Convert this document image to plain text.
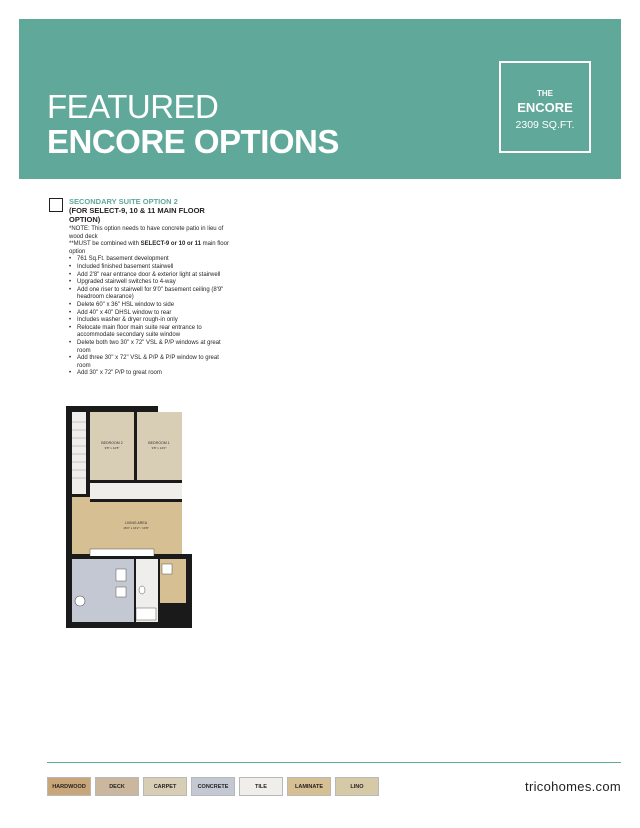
FEATURED
ENCORE OPTIONS
THE
ENCORE
2309 SQ.FT.
SECONDARY SUITE OPTION 2
(FOR SELECT-9, 10 & 11 MAIN FLOOR OPTION)

*NOTE: This option needs to have concrete patio in lieu of wood deck

**MUST be combined with SELECT-9 or 10 or 11 main floor option

• 761 Sq.Ft. basement development
• Included finished basement stairwell
• Add 2'8" rear entrance door & exterior light at stairwell
• Upgraded stairwell switches to 4-way
• Add one riser to stairwell for 9'0" basement ceiling (8'9" headroom clearance)
• Delete 60" x 36" HSL window to side
• Add 40" x 40" DHSL window to rear
• Includes washer & dryer rough-in only
• Relocate main floor main suite rear entrance to accommodate secondary suite window
• Delete both two 30" x 72" VSL & P/P windows at great room
• Add three 30" x 72" VSL & P/P & P/P window to great room
• Add 30" x 72" P/P to great room
BEDROOM 2
9'8" x 12'8"
BEDROOM 1
9'8" x 14'0"
LIVING AREA
16'0" x 16'2" / 13'8"
HARDWOOD	DECK	CARPET	CONCRETE	TILE	LAMINATE	LINO	tricohomes.com
